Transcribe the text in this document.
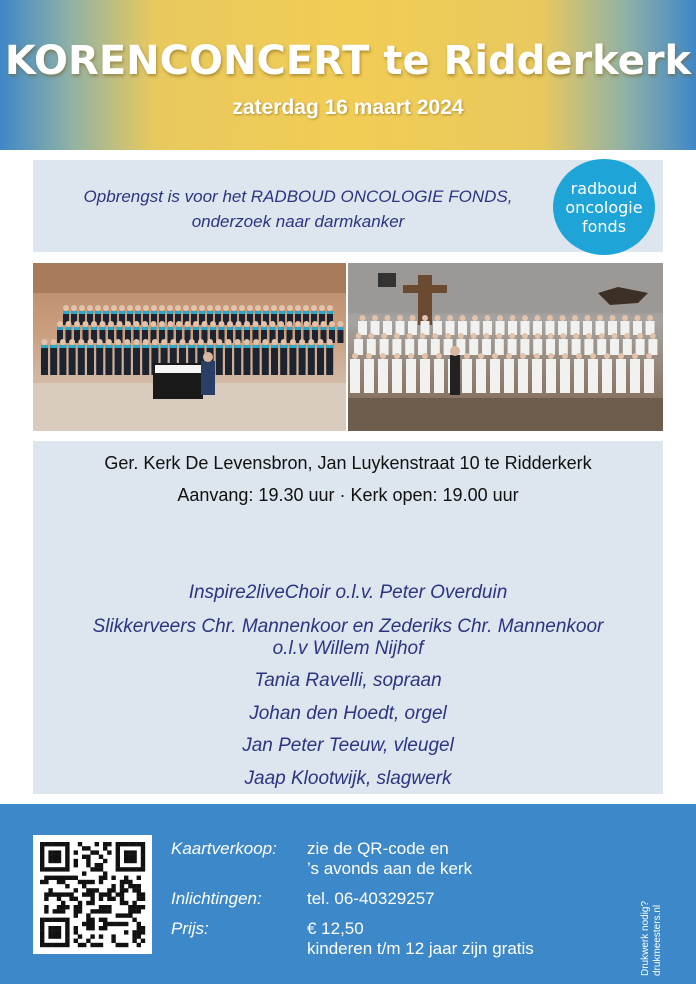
KORENCONCERT te Ridderkerk
zaterdag 16 maart 2024
Opbrengst is voor het RADBOUD ONCOLOGIE FONDS,
onderzoek naar darmkanker
radboud
oncologie
fonds
Ger. Kerk De Levensbron, Jan Luykenstraat 10 te Ridderkerk
Aanvang: 19.30 uur · Kerk open: 19.00 uur
Inspire2liveChoir o.l.v. Peter Overduin
Slikkerveers Chr. Mannenkoor en Zederiks Chr. Mannenkoor
o.l.v Willem Nijhof
Tania Ravelli, sopraan
Johan den Hoedt, orgel
Jan Peter Teeuw, vleugel
Jaap Klootwijk, slagwerk
Kaartverkoop: zie de QR-code en
’s avonds aan de kerk
Inlichtingen:	tel. 06-40329257
Prijs:	€ 12,50
kinderen t/m 12 jaar zijn gratis	Drukwerk nodig?
drukmeesters.nl
